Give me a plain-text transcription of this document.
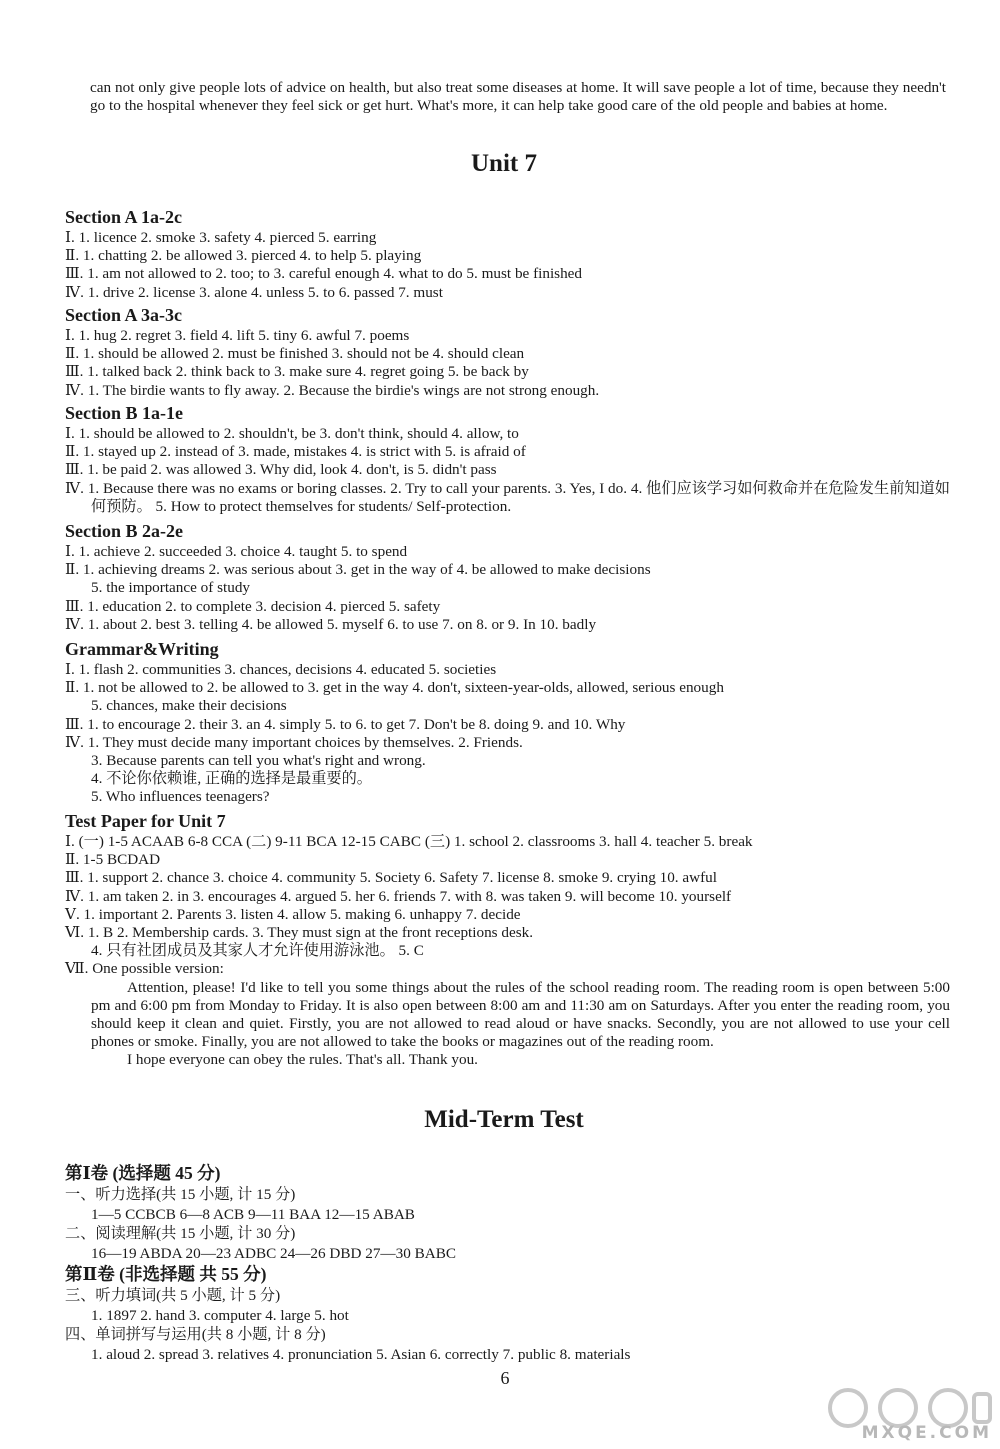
can not only give people lots of advice on health, but also treat some diseases at home. It will save people a lot of time, because they needn't go to the hospital whenever they feel sick or get hurt. What's more, it can help take good care of the old people and babies at home.
Unit 7
Section A 1a-2c
Ⅰ. 1. licence 2. smoke 3. safety 4. pierced 5. earring
Ⅱ. 1. chatting 2. be allowed 3. pierced 4. to help 5. playing
Ⅲ. 1. am not allowed to 2. too; to 3. careful enough 4. what to do 5. must be finished
Ⅳ. 1. drive 2. license 3. alone 4. unless 5. to 6. passed 7. must
Section A 3a-3c
Ⅰ. 1. hug 2. regret 3. field 4. lift 5. tiny 6. awful 7. poems
Ⅱ. 1. should be allowed 2. must be finished 3. should not be 4. should clean
Ⅲ. 1. talked back 2. think back to 3. make sure 4. regret going 5. be back by
Ⅳ. 1. The birdie wants to fly away. 2. Because the birdie's wings are not strong enough.
Section B 1a-1e
Ⅰ. 1. should be allowed to 2. shouldn't, be 3. don't think, should 4. allow, to
Ⅱ. 1. stayed up 2. instead of 3. made, mistakes 4. is strict with 5. is afraid of
Ⅲ. 1. be paid 2. was allowed 3. Why did, look 4. don't, is 5. didn't pass
Ⅳ. 1. Because there was no exams or boring classes. 2. Try to call your parents. 3. Yes, I do. 4. 他们应该学习如何救命并在危险发生前知道如何预防。 5. How to protect themselves for students/ Self-protection.
Section B 2a-2e
Ⅰ. 1. achieve 2. succeeded 3. choice 4. taught 5. to spend
Ⅱ. 1. achieving dreams 2. was serious about 3. get in the way of 4. be allowed to make decisions
5. the importance of study
Ⅲ. 1. education 2. to complete 3. decision 4. pierced 5. safety
Ⅳ. 1. about 2. best 3. telling 4. be allowed 5. myself 6. to use 7. on 8. or 9. In 10. badly
Grammar&Writing
Ⅰ. 1. flash 2. communities 3. chances, decisions 4. educated 5. societies
Ⅱ. 1. not be allowed to 2. be allowed to 3. get in the way 4. don't, sixteen-year-olds, allowed, serious enough
5. chances, make their decisions
Ⅲ. 1. to encourage 2. their 3. an 4. simply 5. to 6. to get 7. Don't be 8. doing 9. and 10. Why
Ⅳ. 1. They must decide many important choices by themselves. 2. Friends.
3. Because parents can tell you what's right and wrong.
4. 不论你依赖谁, 正确的选择是最重要的。
5. Who influences teenagers?
Test Paper for Unit 7
Ⅰ. (一) 1-5 ACAAB 6-8 CCA (二) 9-11 BCA 12-15 CABC (三) 1. school 2. classrooms 3. hall 4. teacher 5. break
Ⅱ. 1-5 BCDAD
Ⅲ. 1. support 2. chance 3. choice 4. community 5. Society 6. Safety 7. license 8. smoke 9. crying 10. awful
Ⅳ. 1. am taken 2. in 3. encourages 4. argued 5. her 6. friends 7. with 8. was taken 9. will become 10. yourself
Ⅴ. 1. important 2. Parents 3. listen 4. allow 5. making 6. unhappy 7. decide
Ⅵ. 1. B 2. Membership cards. 3. They must sign at the front receptions desk.
4. 只有社团成员及其家人才允许使用游泳池。 5. C
Ⅶ. One possible version:

Attention, please! I'd like to tell you some things about the rules of the school reading room. The reading room is open between 5:00 pm and 6:00 pm from Monday to Friday. It is also open between 8:00 am and 11:30 am on Saturdays. After you enter the reading room, you should keep it clean and quiet. Firstly, you are not allowed to read aloud or have snacks. Secondly, you are not allowed to use your cell phones or smoke. Finally, you are not allowed to take the books or magazines out of the reading room.

I hope everyone can obey the rules. That's all. Thank you.

Mid-Term Test
第Ⅰ卷 (选择题 45 分)
一、听力选择(共 15 小题, 计 15 分)
1—5 CCBCB 6—8 ACB 9—11 BAA 12—15 ABAB
二、阅读理解(共 15 小题, 计 30 分)
16—19 ABDA 20—23 ADBC 24—26 DBD 27—30 BABC
第Ⅱ卷 (非选择题 共 55 分)
三、听力填词(共 5 小题, 计 5 分)
1. 1897 2. hand 3. computer 4. large 5. hot
四、单词拼写与运用(共 8 小题, 计 8 分)
1. aloud 2. spread 3. relatives 4. pronunciation 5. Asian 6. correctly 7. public 8. materials
6
MXQE.COM
